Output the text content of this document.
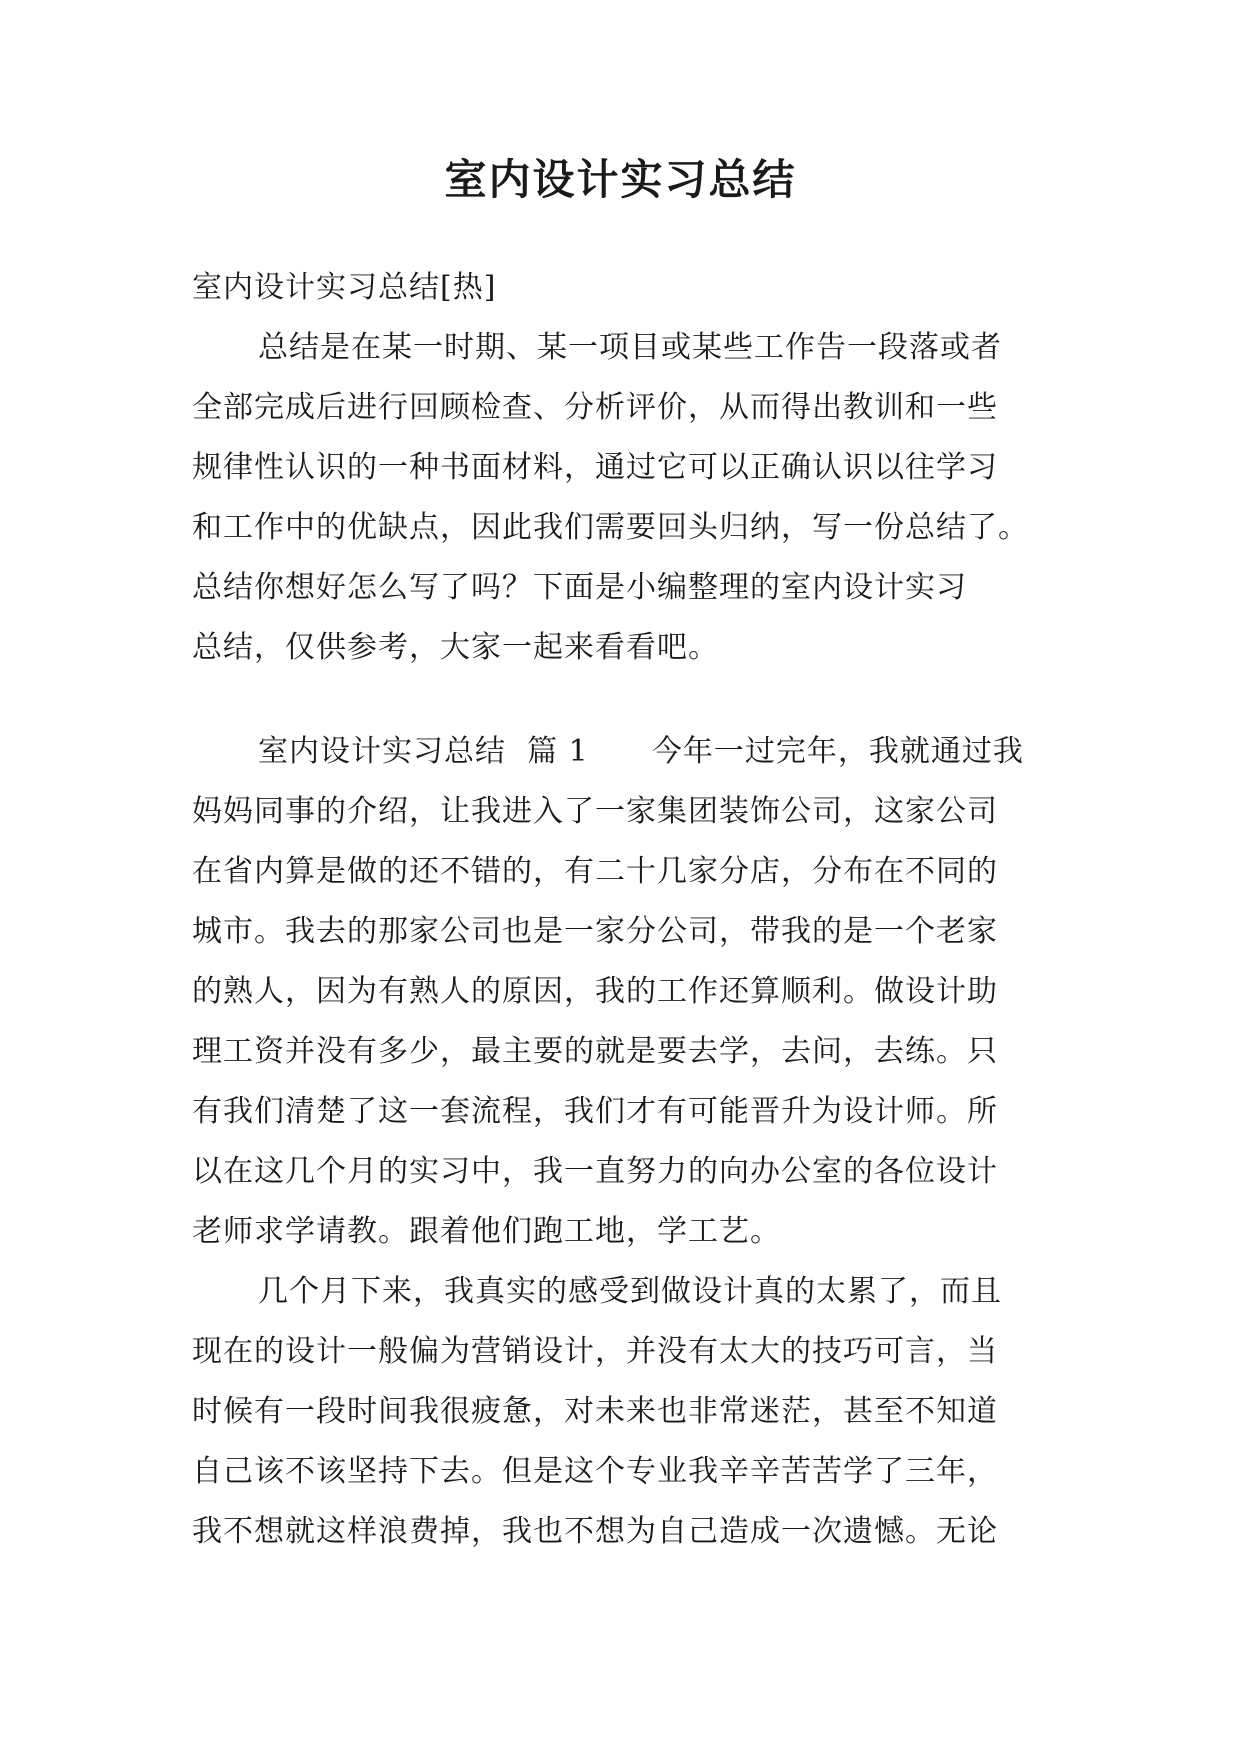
室内设计实习总结
室内设计实习总结[热]
总结是在某一时期、某一项目或某些工作告一段落或者
全部完成后进行回顾检查、分析评价，从而得出教训和一些
规律性认识的一种书面材料，通过它可以正确认识以往学习
和工作中的优缺点，因此我们需要回头归纳，写一份总结了。
总结你想好怎么写了吗？下面是小编整理的室内设计实习
总结，仅供参考，大家一起来看看吧。
室内设计实习总结  篇 1      今年一过完年，我就通过我
妈妈同事的介绍，让我进入了一家集团装饰公司，这家公司
在省内算是做的还不错的，有二十几家分店，分布在不同的
城市。我去的那家公司也是一家分公司，带我的是一个老家
的熟人，因为有熟人的原因，我的工作还算顺利。做设计助
理工资并没有多少，最主要的就是要去学，去问，去练。只
有我们清楚了这一套流程，我们才有可能晋升为设计师。所
以在这几个月的实习中，我一直努力的向办公室的各位设计
老师求学请教。跟着他们跑工地，学工艺。
几个月下来，我真实的感受到做设计真的太累了，而且
现在的设计一般偏为营销设计，并没有太大的技巧可言，当
时候有一段时间我很疲惫，对未来也非常迷茫，甚至不知道
自己该不该坚持下去。但是这个专业我辛辛苦苦学了三年，
我不想就这样浪费掉，我也不想为自己造成一次遗憾。无论
